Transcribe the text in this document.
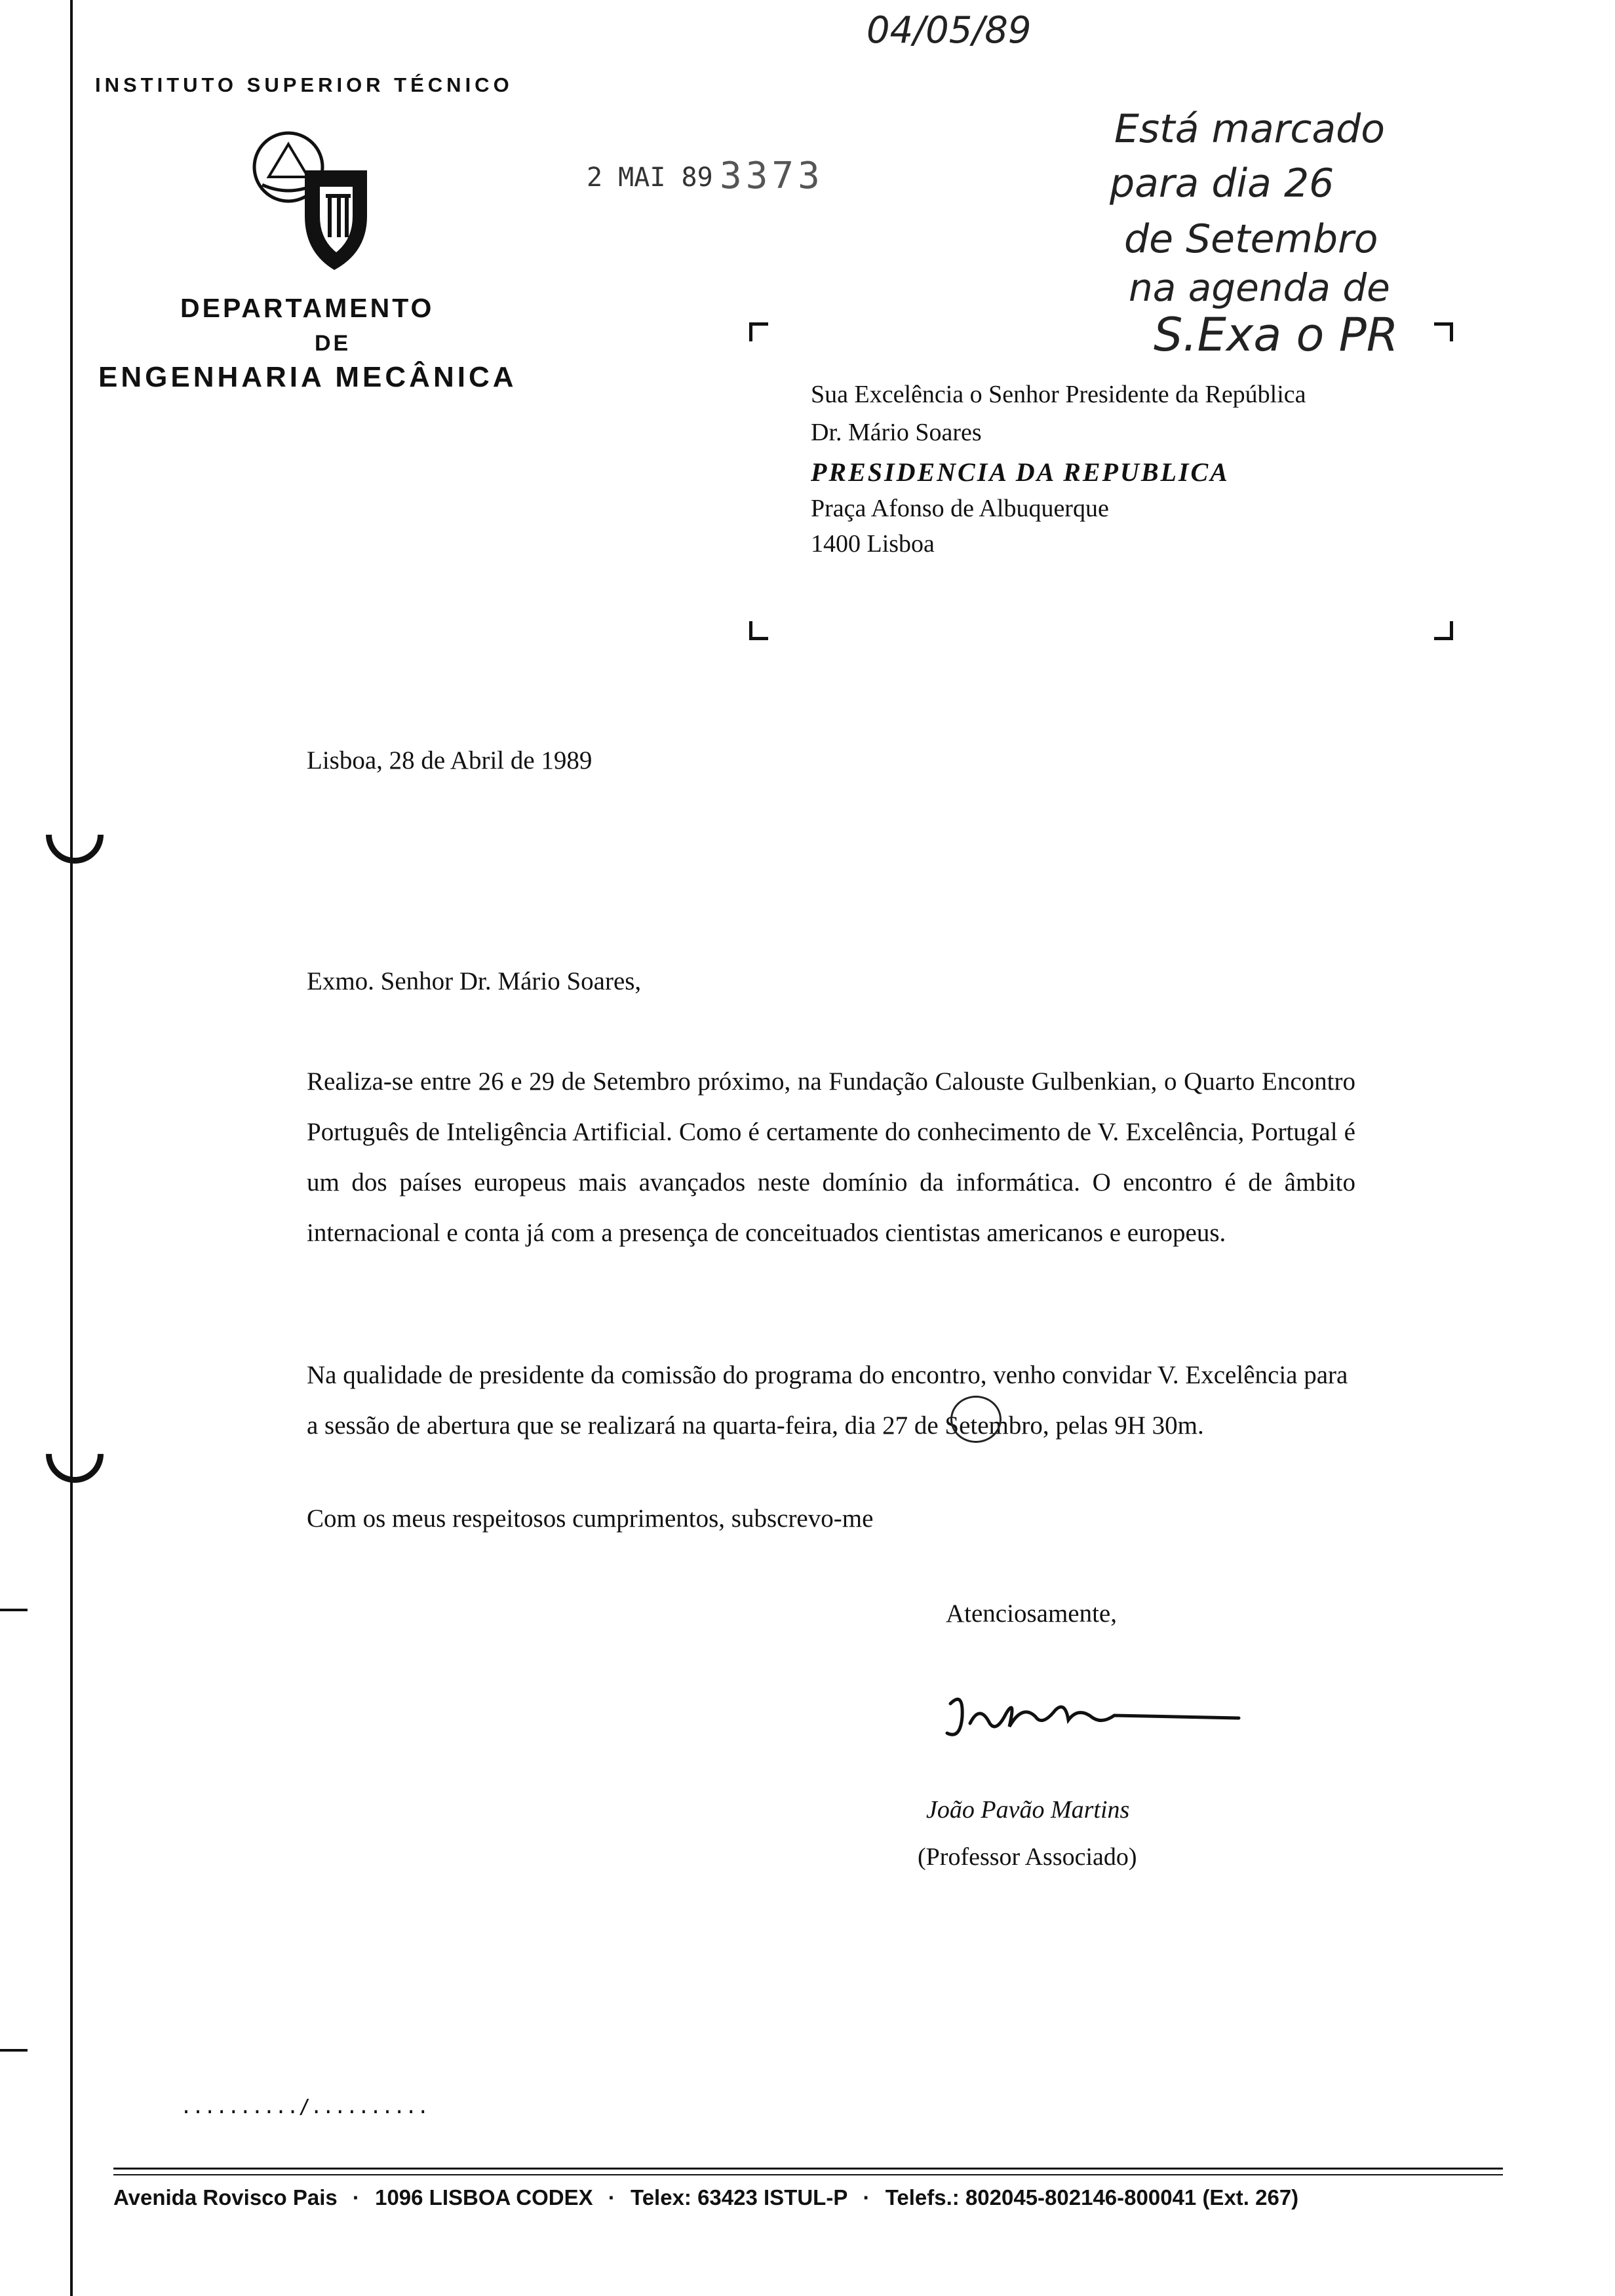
INSTITUTO SUPERIOR TÉCNICO
DEPARTAMENTO
DE
ENGENHARIA MECÂNICA
2 MAI 89 3373
04/05/89
Está marcado
para dia 26
de Setembro
na agenda de
S.Exa o PR
Sua Excelência o Senhor Presidente da República
Dr. Mário Soares
PRESIDENCIA DA REPUBLICA
Praça Afonso de Albuquerque
1400 Lisboa
Lisboa, 28 de Abril de 1989
Exmo. Senhor Dr. Mário Soares,
Realiza-se entre 26 e 29 de Setembro próximo, na Fundação Calouste Gulbenkian, o Quarto Encontro Português de Inteligência Artificial. Como é certamente do conhecimento de V. Excelência, Portugal é um dos países europeus mais avançados neste domínio da informática. O encontro é de âmbito internacional e conta já com a presença de conceituados cientistas americanos e europeus.
Na qualidade de presidente da comissão do programa do encontro, venho convidar V. Excelência para a sessão de abertura que se realizará na quarta-feira, dia 27 de Setembro, pelas 9H 30m.
Com os meus respeitosos cumprimentos, subscrevo-me
Atenciosamente,
João Pavão Martins
(Professor Associado)
........../..........
Avenida Rovisco Pais · 1096 LISBOA CODEX · Telex: 63423 ISTUL-P · Telefs.: 802045-802146-800041 (Ext. 267)
